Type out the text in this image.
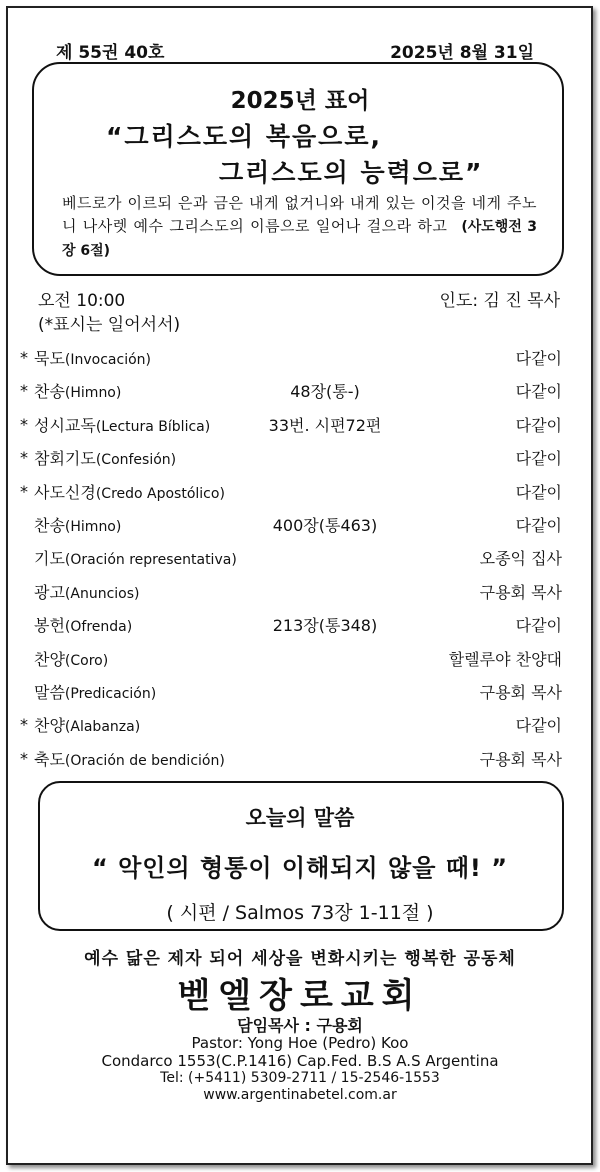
제 55권 40호	2025년 8월 31일
2025년 표어
“그리스도의 복음으로,
그리스도의 능력으로”
베드로가 이르되 은과 금은 내게 없거니와 내게 있는 이것을 네게 주노니 나사렛 예수 그리스도의 이름으로 일어나 걸으라 하고 (사도행전 3장 6절)
오전 10:00	인도: 김 진 목사
(*표시는 일어서서)
* 묵도(Invocación)	다같이
* 찬송(Himno)	48장(통-)	다같이
* 성시교독(Lectura Bíblica)	33번. 시편72편	다같이
* 참회기도(Confesión)	다같이
* 사도신경(Credo Apostólico)	다같이
찬송(Himno)	400장(통463)	다같이
기도(Oración representativa)	오종익 집사
광고(Anuncios)	구용회 목사
봉헌(Ofrenda)	213장(통348)	다같이
찬양(Coro)	할렐루야 찬양대
말씀(Predicación)	구용회 목사
* 찬양(Alabanza)	다같이
* 축도(Oración de bendición)	구용회 목사
오늘의 말씀
“ 악인의 형통이 이해되지 않을 때! ”
( 시편 / Salmos 73장 1-11절 )
예수 닮은 제자 되어 세상을 변화시키는 행복한 공동체
벧엘장로교회
담임목사 : 구용회
Pastor: Yong Hoe (Pedro) Koo
Condarco 1553(C.P.1416) Cap.Fed. B.S A.S Argentina
Tel: (+5411) 5309-2711 / 15-2546-1553
www.argentinabetel.com.ar
